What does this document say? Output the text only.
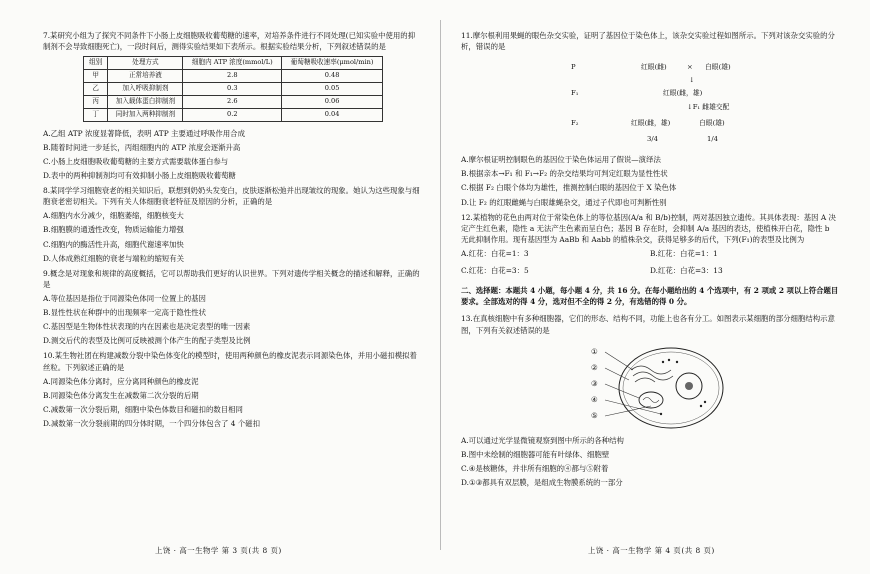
7.某研究小组为了探究不同条件下小肠上皮细胞吸收葡萄糖的速率，对培养条件进行不同处理(已知实验中使用的抑制剂不会导致细胞死亡)，一段时间后，测得实验结果如下表所示。根据实验结果分析，下列叙述错误的是

组别	处理方式	细胞内 ATP 浓度(mmol/L)	葡萄糖吸收速率(μmol/min)
甲	正常培养液	2.8	0.48
乙	加入呼吸抑制剂	0.3	0.05
丙	加入载体蛋白抑制剂	2.6	0.06
丁	同时加入两种抑制剂	0.2	0.04

A.乙组 ATP 浓度显著降低，表明 ATP 主要通过呼吸作用合成

B.随着时间进一步延长，丙组细胞内的 ATP 浓度会逐渐升高

C.小肠上皮细胞吸收葡萄糖的主要方式需要载体蛋白参与

D.表中的两种抑制剂均可有效抑制小肠上皮细胞吸收葡萄糖

8.某同学学习细胞衰老的相关知识后，联想到奶奶头发变白，皮肤逐渐松弛并出现皱纹的现象。她认为这些现象与细胞衰老密切相关。下列有关人体细胞衰老特征及原因的分析，正确的是

A.细胞内水分减少，细胞萎缩，细胞核变大

B.细胞膜的通透性改变，物质运输能力增强

C.细胞内的酶活性升高，细胞代谢速率加快

D.人体成熟红细胞的衰老与端粒的缩短有关

9.概念是对现象和规律的高度概括，它可以帮助我们更好的认识世界。下列对遗传学相关概念的描述和解释，正确的是

A.等位基因是指位于同源染色体同一位置上的基因

B.显性性状在种群中的出现频率一定高于隐性性状

C.基因型是生物体性状表现的内在因素也是决定表型的唯一因素

D.测交后代的表型及比例可反映被测个体产生的配子类型及比例

10.某生物社团在构建减数分裂中染色体变化的模型时，使用两种颜色的橡皮泥表示同源染色体，并用小磁扣模拟着丝粒。下列叙述正确的是

A.同源染色体分离时，应分离同种颜色的橡皮泥

B.同源染色体分离发生在减数第二次分裂的后期

C.减数第一次分裂后期，细胞中染色体数目和磁扣的数目相同

D.减数第一次分裂前期的四分体时期，一个四分体包含了 4 个磁扣

11.摩尔根利用果蝇的眼色杂交实验，证明了基因位于染色体上，该杂交实验过程如图所示。下列对该杂交实验的分析，错误的是

P	红眼(雌)	× 白眼(雄)
↓
F₁	红眼(雌，雄)
↓F₁ 雌雄交配
F₂	红眼(雌，雄)	白眼(雄)
3/4	1/4

A.摩尔根证明控制眼色的基因位于染色体运用了假说—演绎法

B.根据亲本→F₁ 和 F₁→F₂ 的杂交结果均可判定红眼为显性性状

C.根据 F₂ 白眼个体均为雄性，推测控制白眼的基因位于 X 染色体

D.让 F₂ 的红眼雌蝇与白眼雄蝇杂交，通过子代即也可判断性别

12.某植物的花色由两对位于常染色体上的等位基因(A/a 和 B/b)控制，两对基因独立遗传。其具体表现：基因 A 决定产生红色素，隐性 a 无法产生色素而呈白色；基因 B 存在时，会抑制 A/a 基因的表达，使植株开白花，隐性 b 无此抑制作用。现有基因型为 AaBb 和 Aabb 的植株杂交，获得足够多的后代，下列(F₁)的表型及比例为

A.红花：白花=1：3	B.红花：白花=1：1

C.红花：白花=3：5	D.红花：白花=3：13

二、选择题：本题共 4 小题，每小题 4 分，共 16 分。在每小题给出的 4 个选项中，有 2 项或 2 项以上符合题目要求。全部选对的得 4 分，选对但不全的得 2 分，有选错的得 0 分。

13.在真核细胞中有多种细胞器，它们的形态、结构不同，功能上也各有分工。如图表示某细胞的部分细胞结构示意图，下列有关叙述错误的是

①
②
③
④
⑤

A.可以通过光学显微镜观察到图中所示的各种结构

B.图中未绘制的细胞器可能有叶绿体、细胞壁

C.④是核糖体，并非所有细胞的④都与⑤附着

D.①③都具有双层膜，是组成生物膜系统的一部分

上饶 · 高一生物学 第 3 页(共 8 页)	上饶 · 高一生物学 第 4 页(共 8 页)
